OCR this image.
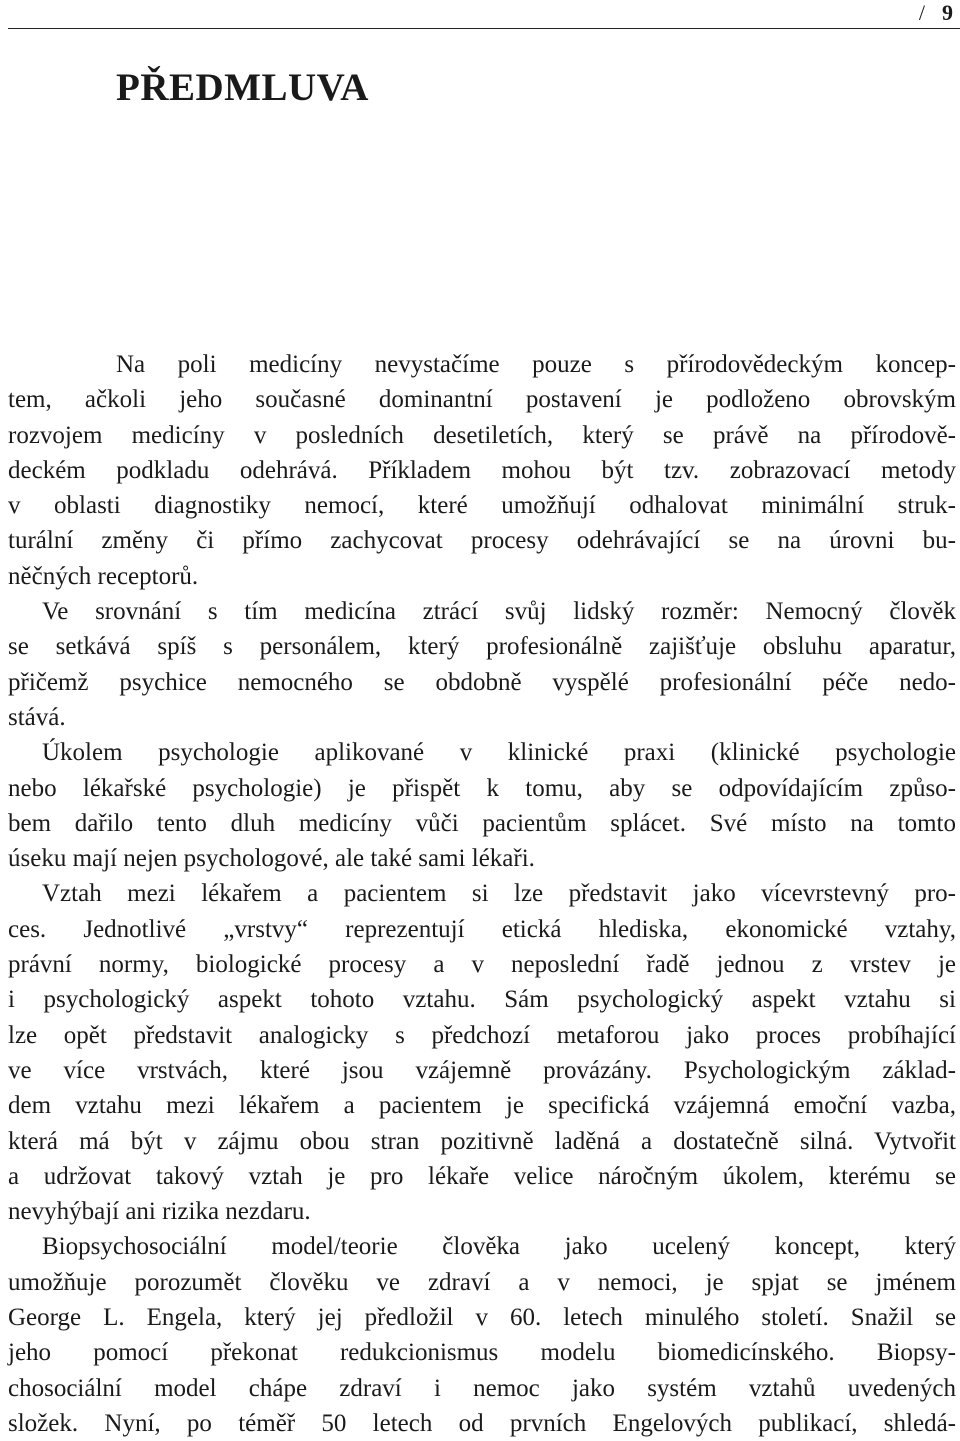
/ 9
PŘEDMLUVA
Na poli medicíny nevystačíme pouze s přírodovědeckým koncep-
tem, ačkoli jeho současné dominantní postavení je podloženo obrovským
rozvojem medicíny v posledních desetiletích, který se právě na přírodově-
deckém podkladu odehrává. Příkladem mohou být tzv. zobrazovací metody
v oblasti diagnostiky nemocí, které umožňují odhalovat minimální struk-
turální změny či přímo zachycovat procesy odehrávající se na úrovni bu-
něčných receptorů.
Ve srovnání s tím medicína ztrácí svůj lidský rozměr: Nemocný člověk
se setkává spíš s personálem, který profesionálně zajišťuje obsluhu aparatur,
přičemž psychice nemocného se obdobně vyspělé profesionální péče nedo-
stává.
Úkolem psychologie aplikované v klinické praxi (klinické psychologie
nebo lékařské psychologie) je přispět k tomu, aby se odpovídajícím způso-
bem dařilo tento dluh medicíny vůči pacientům splácet. Své místo na tomto
úseku mají nejen psychologové, ale také sami lékaři.
Vztah mezi lékařem a pacientem si lze představit jako vícevrstevný pro-
ces. Jednotlivé „vrstvy“ reprezentují etická hlediska, ekonomické vztahy,
právní normy, biologické procesy a v neposlední řadě jednou z vrstev je
i psychologický aspekt tohoto vztahu. Sám psychologický aspekt vztahu si
lze opět představit analogicky s předchozí metaforou jako proces probíhající
ve více vrstvách, které jsou vzájemně provázány. Psychologickým základ-
dem vztahu mezi lékařem a pacientem je specifická vzájemná emoční vazba,
která má být v zájmu obou stran pozitivně laděná a dostatečně silná. Vytvořit
a udržovat takový vztah je pro lékaře velice náročným úkolem, kterému se
nevyhýbají ani rizika nezdaru.
Biopsychosociální model/teorie člověka jako ucelený koncept, který
umožňuje porozumět člověku ve zdraví a v nemoci, je spjat se jménem
George L. Engela, který jej předložil v 60. letech minulého století. Snažil se
jeho pomocí překonat redukcionismus modelu biomedicínského. Biopsy-
chosociální model chápe zdraví i nemoc jako systém vztahů uvedených
složek. Nyní, po téměř 50 letech od prvních Engelových publikací, shledá-
